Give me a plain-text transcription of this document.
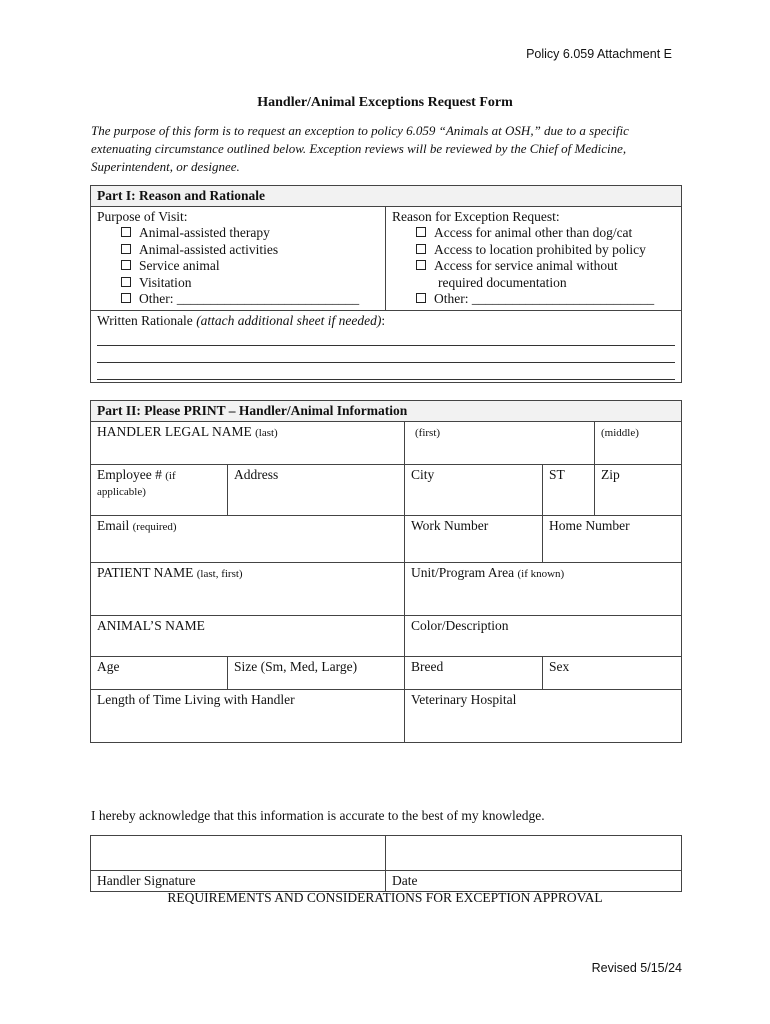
Policy 6.059 Attachment E
Handler/Animal Exceptions Request Form
The purpose of this form is to request an exception to policy 6.059 “Animals at OSH,” due to a specific extenuating circumstance outlined below. Exception reviews will be reviewed by the Chief of Medicine, Superintendent, or designee.
Part I: Reason and Rationale

Purpose of Visit:
Animal-assisted therapy
Animal-assisted activities
Service animal
Visitation
Other: ___________________________

Reason for Exception Request:
Access for animal other than dog/cat
Access to location prohibited by policy
Access for service animal without
required documentation
Other: ___________________________

Written Rationale (attach additional sheet if needed):
Part II: Please PRINT – Handler/Animal Information				
HANDLER LEGAL NAME (last)		(first)		(middle)
Employee # (if
applicable)	Address	City	ST	Zip
Email (required)		Work Number	Home Number	
PATIENT NAME (last, first)		Unit/Program Area (if known)		
ANIMAL’S NAME		Color/Description		
Age	Size (Sm, Med, Large)	Breed	Sex	
Length of Time Living with Handler		Veterinary Hospital		
I hereby acknowledge that this information is accurate to the best of my knowledge.

Handler Signature	Date
REQUIREMENTS AND CONSIDERATIONS FOR EXCEPTION APPROVAL
Revised 5/15/24
